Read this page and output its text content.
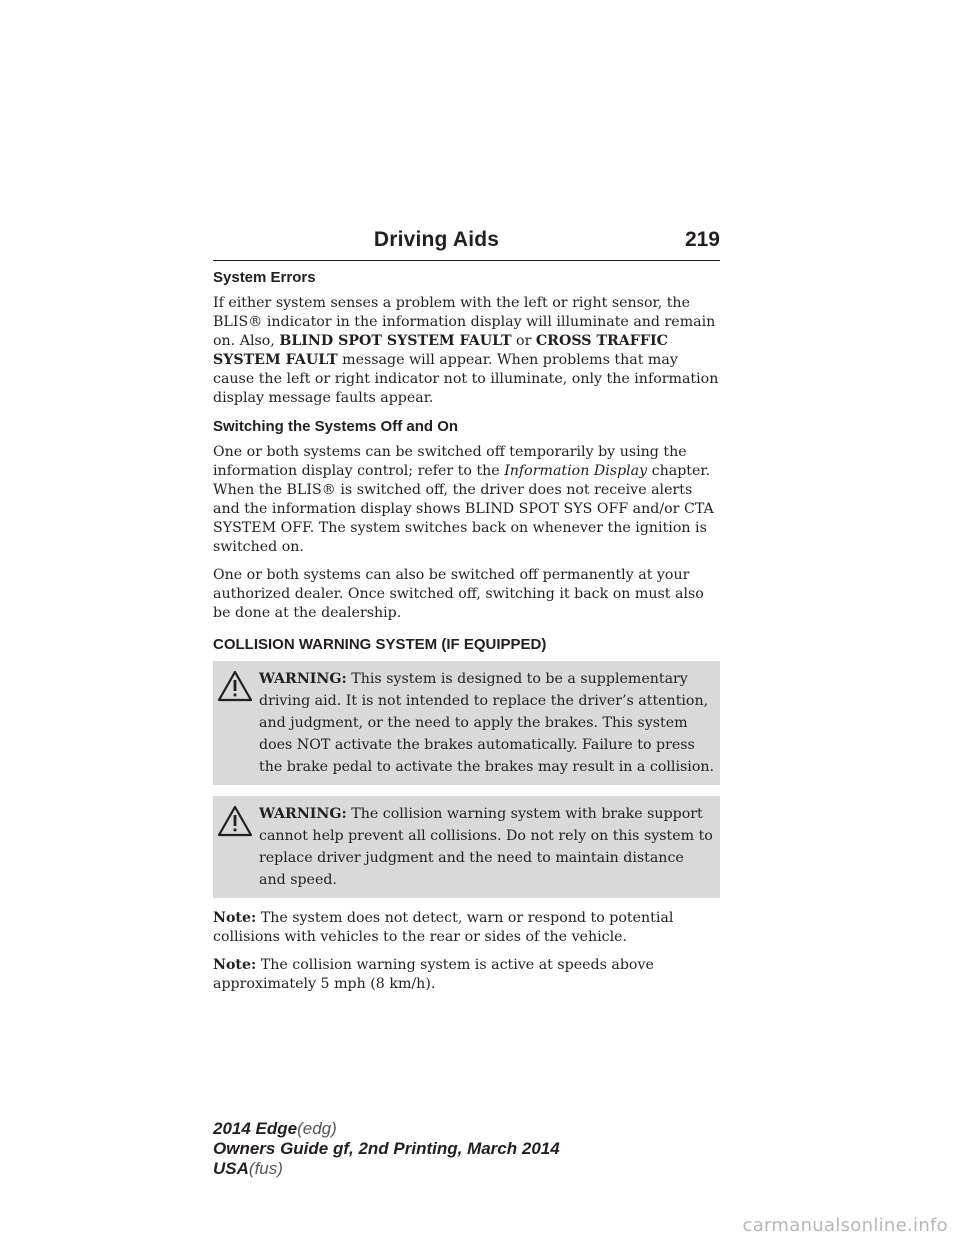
Driving Aids	219
System Errors

If either system senses a problem with the left or right sensor, the BLIS® indicator in the information display will illuminate and remain on. Also, BLIND SPOT SYSTEM FAULT or CROSS TRAFFIC SYSTEM FAULT message will appear. When problems that may cause the left or right indicator not to illuminate, only the information display message faults appear.

Switching the Systems Off and On

One or both systems can be switched off temporarily by using the information display control; refer to the Information Display chapter. When the BLIS® is switched off, the driver does not receive alerts and the information display shows BLIND SPOT SYS OFF and/or CTA SYSTEM OFF. The system switches back on whenever the ignition is switched on.

One or both systems can also be switched off permanently at your authorized dealer. Once switched off, switching it back on must also be done at the dealership.

COLLISION WARNING SYSTEM (IF EQUIPPED)
WARNING: This system is designed to be a supplementary driving aid. It is not intended to replace the driver’s attention, and judgment, or the need to apply the brakes. This system does NOT activate the brakes automatically. Failure to press the brake pedal to activate the brakes may result in a collision.
WARNING: The collision warning system with brake support cannot help prevent all collisions. Do not rely on this system to replace driver judgment and the need to maintain distance and speed.

Note: The system does not detect, warn or respond to potential collisions with vehicles to the rear or sides of the vehicle.

Note: The collision warning system is active at speeds above approximately 5 mph (8 km/h).

2014 Edge(edg)
Owners Guide gf, 2nd Printing, March 2014
USA(fus)
carmanualsonline.info
